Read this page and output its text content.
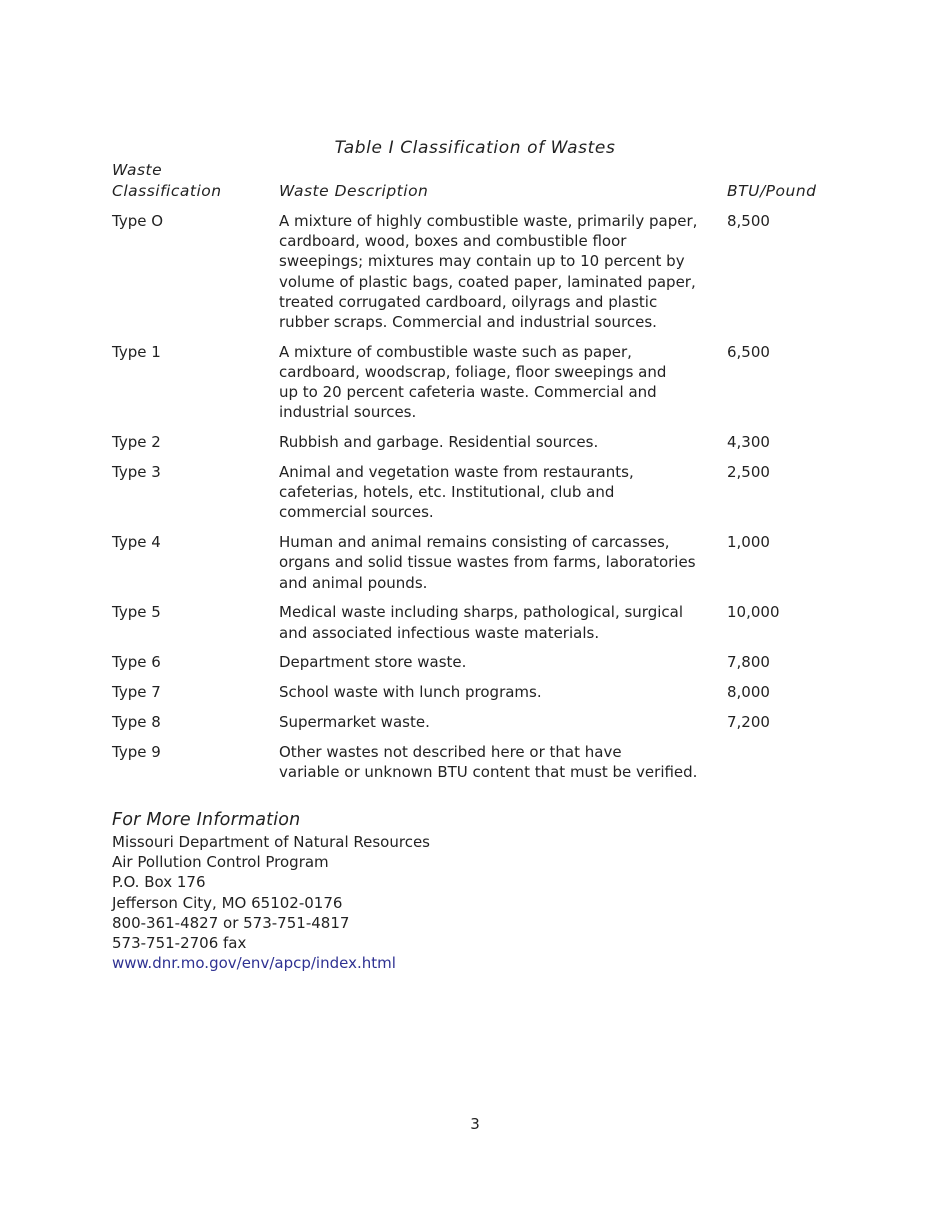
Table I Classification of Wastes
Waste
Classification	Waste Description	BTU/Pound
Type O	A mixture of highly combustible waste, primarily paper,
cardboard, wood, boxes and combustible floor
sweepings; mixtures may contain up to 10 percent by
volume of plastic bags, coated paper, laminated paper,
treated corrugated cardboard, oilyrags and plastic
rubber scraps. Commercial and industrial sources.
8,500
Type 1	A mixture of combustible waste such as paper,
cardboard, woodscrap, foliage, floor sweepings and
up to 20 percent cafeteria waste. Commercial and
industrial sources.
6,500
Type 2	Rubbish and garbage. Residential sources.	4,300
Type 3	Animal and vegetation waste from restaurants,
cafeterias, hotels, etc. Institutional, club and
commercial sources.
2,500
Type 4	Human and animal remains consisting of carcasses,
organs and solid tissue wastes from farms, laboratories
and animal pounds.
1,000
Type 5	Medical waste including sharps, pathological, surgical
and associated infectious waste materials.
10,000
Type 6	Department store waste.	7,800
Type 7	School waste with lunch programs.	8,000
Type 8	Supermarket waste.	7,200
Type 9	Other wastes not described here or that have
variable or unknown BTU content that must be verified.
For More Information
Missouri Department of Natural Resources
Air Pollution Control Program
P.O. Box 176
Jefferson City, MO 65102-0176
800-361-4827 or 573-751-4817
573-751-2706 fax
www.dnr.mo.gov/env/apcp/index.html
3
